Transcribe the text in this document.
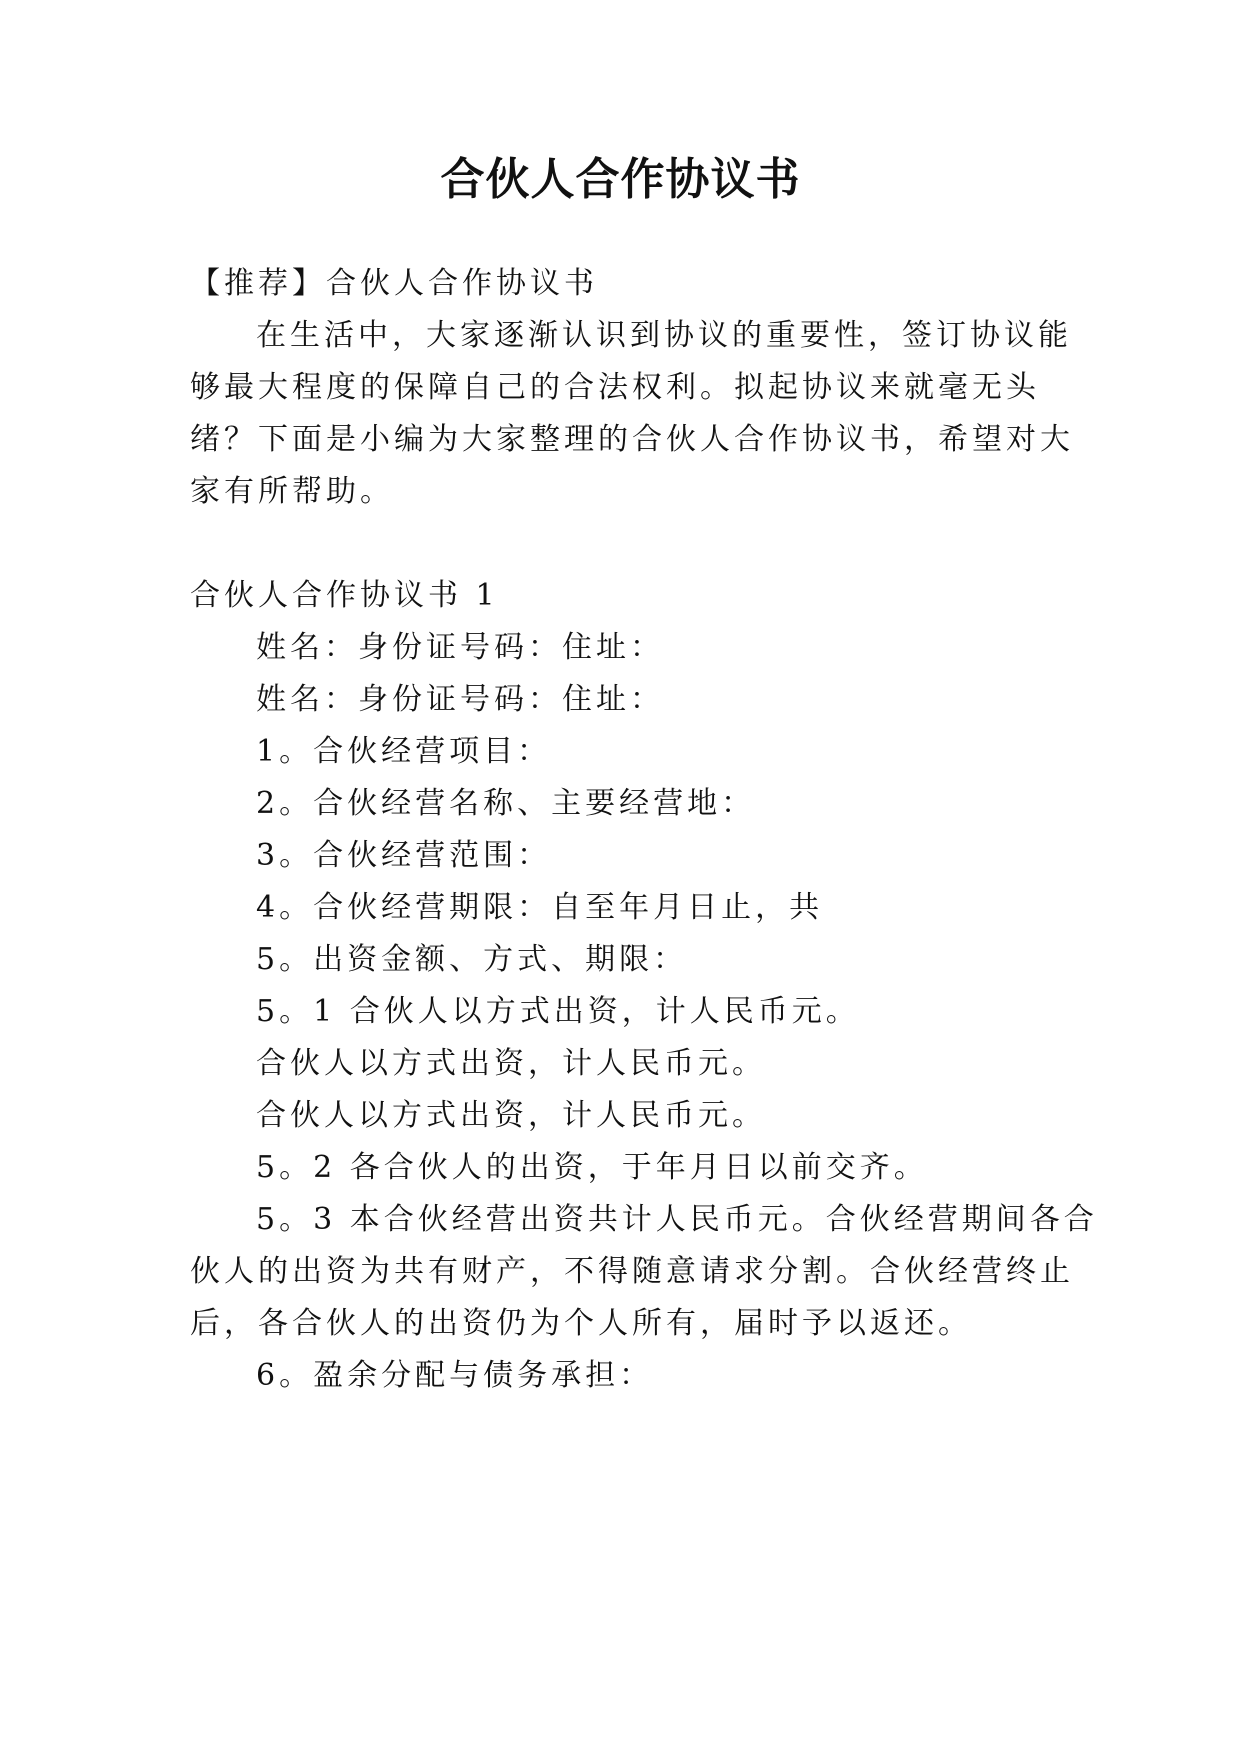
合伙人合作协议书
【推荐】合伙人合作协议书
在生活中，大家逐渐认识到协议的重要性，签订协议能
够最大程度的保障自己的合法权利。拟起协议来就毫无头
绪？下面是小编为大家整理的合伙人合作协议书，希望对大
家有所帮助。
合伙人合作协议书 1
姓名：身份证号码：住址：
姓名：身份证号码：住址：
1。合伙经营项目：
2。合伙经营名称、主要经营地：
3。合伙经营范围：
4。合伙经营期限：自至年月日止，共
5。出资金额、方式、期限：
5。1 合伙人以方式出资，计人民币元。
合伙人以方式出资，计人民币元。
合伙人以方式出资，计人民币元。
5。2 各合伙人的出资，于年月日以前交齐。
5。3 本合伙经营出资共计人民币元。合伙经营期间各合
伙人的出资为共有财产，不得随意请求分割。合伙经营终止
后，各合伙人的出资仍为个人所有，届时予以返还。
6。盈余分配与债务承担：
